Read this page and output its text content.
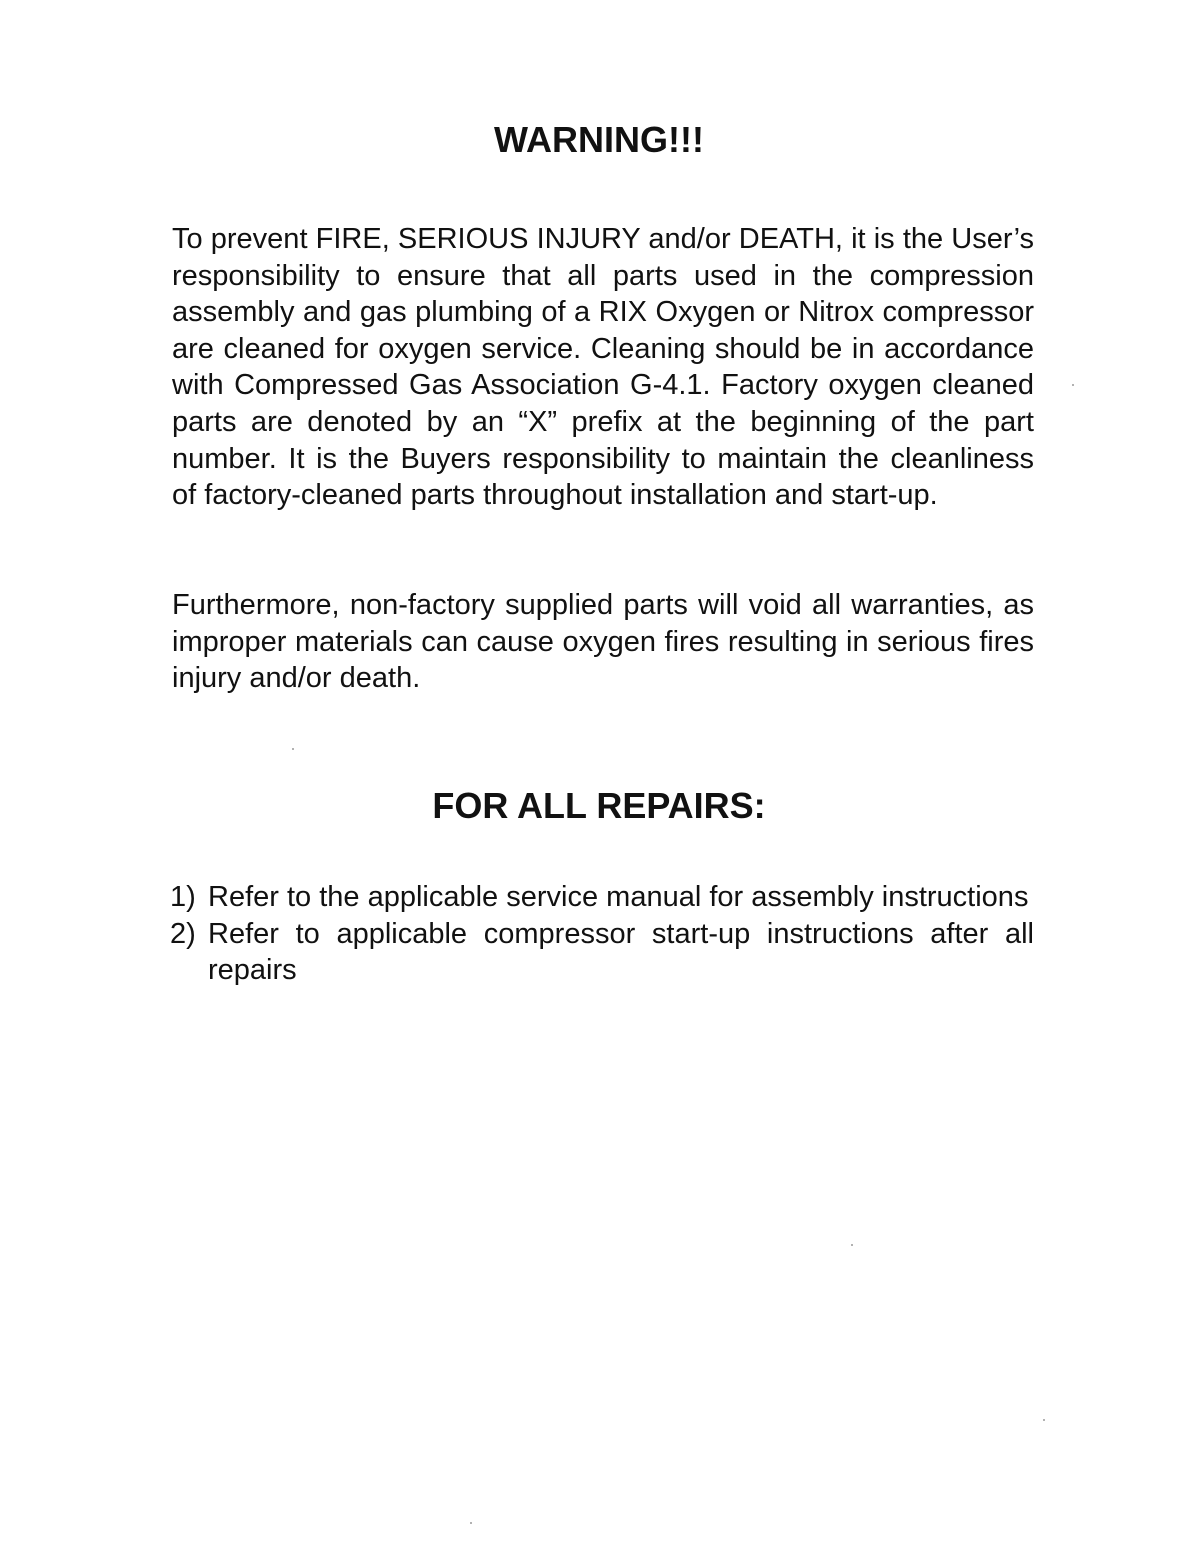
WARNING!!!

To prevent FIRE, SERIOUS INJURY and/or DEATH, it is the User’s responsibility to ensure that all parts used in the compression assembly and gas plumbing of a RIX Oxygen or Nitrox compressor are cleaned for oxygen service. Cleaning should be in accordance with Compressed Gas Association G-4.1. Factory oxygen cleaned parts are denoted by an “X” prefix at the beginning of the part number. It is the Buyers responsibility to maintain the cleanliness of factory-cleaned parts throughout installation and start-up.

Furthermore, non-factory supplied parts will void all warranties, as improper materials can cause oxygen fires resulting in serious fires injury and/or death.

FOR ALL REPAIRS:
1) Refer to the applicable service manual for assembly instructions
2) Refer to applicable compressor start-up instructions after all repairs
